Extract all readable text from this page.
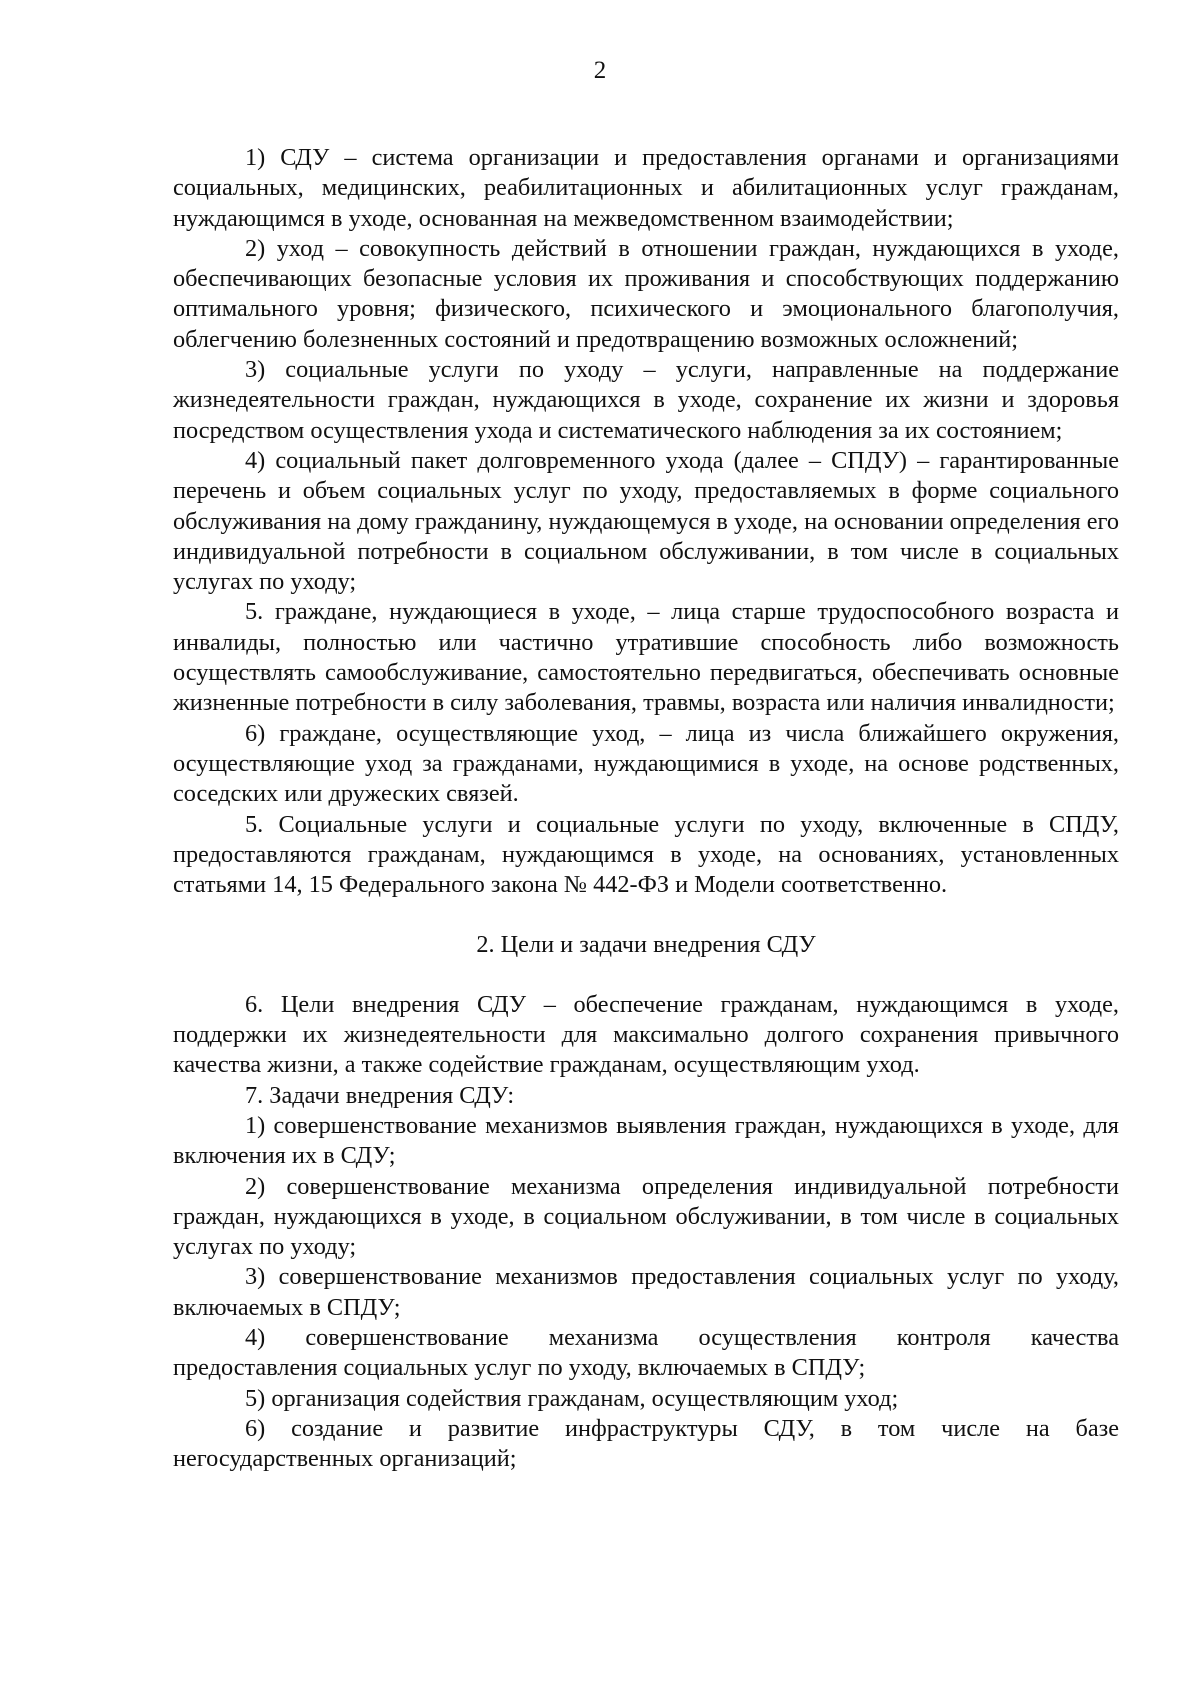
2

1) СДУ – система организации и предоставления органами и организациями социальных, медицинских, реабилитационных и абилитационных услуг гражданам, нуждающимся в уходе, основанная на межведомственном взаимодействии;

2) уход – совокупность действий в отношении граждан, нуждающихся в уходе, обеспечивающих безопасные условия их проживания и способствующих поддержанию оптимального уровня; физического, психического и эмоционального благополучия, облегчению болезненных состояний и предотвращению возможных осложнений;

3) социальные услуги по уходу – услуги, направленные на поддержание жизнедеятельности граждан, нуждающихся в уходе, сохранение их жизни и здоровья посредством осуществления ухода и систематического наблюдения за их состоянием;

4) социальный пакет долговременного ухода (далее – СПДУ) – гарантированные перечень и объем социальных услуг по уходу, предоставляемых в форме социального обслуживания на дому гражданину, нуждающемуся в уходе, на основании определения его индивидуальной потребности в социальном обслуживании, в том числе в социальных услугах по уходу;

5. граждане, нуждающиеся в уходе, – лица старше трудоспособного возраста и инвалиды, полностью или частично утратившие способность либо возможность осуществлять самообслуживание, самостоятельно передвигаться, обеспечивать основные жизненные потребности в силу заболевания, травмы, возраста или наличия инвалидности;

6) граждане, осуществляющие уход, – лица из числа ближайшего окружения, осуществляющие уход за гражданами, нуждающимися в уходе, на основе родственных, соседских или дружеских связей.

5. Социальные услуги и социальные услуги по уходу, включенные в СПДУ, предоставляются гражданам, нуждающимся в уходе, на основаниях, установленных статьями 14, 15 Федерального закона № 442-ФЗ и Модели соответственно.

2. Цели и задачи внедрения СДУ

6. Цели внедрения СДУ – обеспечение гражданам, нуждающимся в уходе, поддержки их жизнедеятельности для максимально долгого сохранения привычного качества жизни, а также содействие гражданам, осуществляющим уход.

7. Задачи внедрения СДУ:

1) совершенствование механизмов выявления граждан, нуждающихся в уходе, для включения их в СДУ;

2) совершенствование механизма определения индивидуальной потребности граждан, нуждающихся в уходе, в социальном обслуживании, в том числе в социальных услугах по уходу;

3) совершенствование механизмов предоставления социальных услуг по уходу, включаемых в СПДУ;

4) совершенствование механизма осуществления контроля качества предоставления социальных услуг по уходу, включаемых в СПДУ;

5) организация содействия гражданам, осуществляющим уход;

6) создание и развитие инфраструктуры СДУ, в том числе на базе негосударственных организаций;
